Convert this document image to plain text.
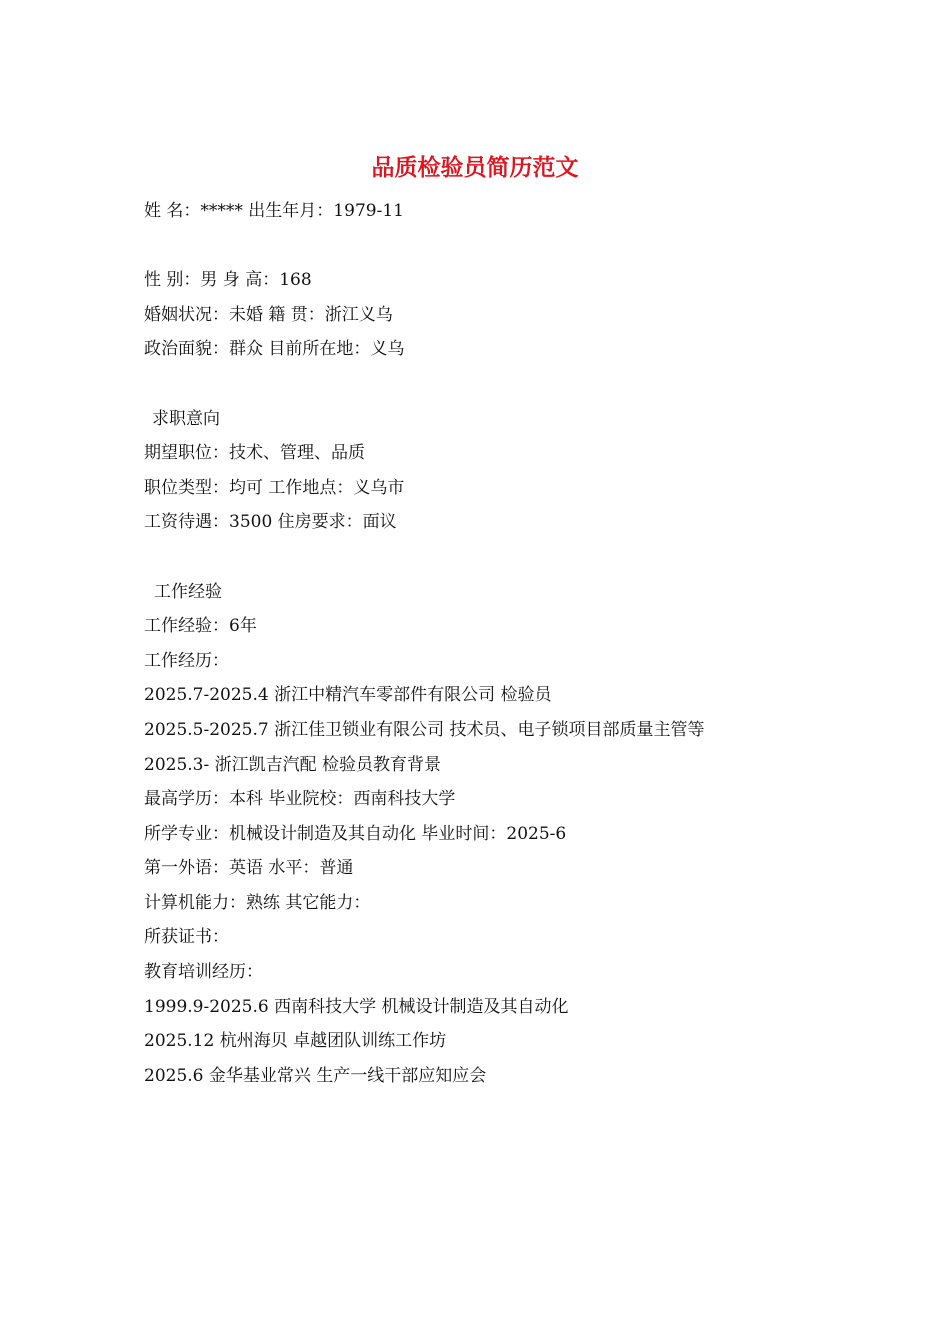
品质检验员简历范文
姓 名：***** 出生年月：1979-11
性 别：男 身 高：168
婚姻状况：未婚 籍 贯：浙江义乌
政治面貌：群众 目前所在地：义乌
求职意向
期望职位：技术、管理、品质
职位类型：均可 工作地点：义乌市
工资待遇：3500 住房要求：面议
工作经验
工作经验：6年
工作经历：
2025.7-2025.4 浙江中精汽车零部件有限公司 检验员
2025.5-2025.7 浙江佳卫锁业有限公司 技术员、电子锁项目部质量主管等
2025.3- 浙江凯吉汽配 检验员教育背景
最高学历：本科 毕业院校：西南科技大学
所学专业：机械设计制造及其自动化 毕业时间：2025-6
第一外语：英语 水平：普通
计算机能力：熟练 其它能力：
所获证书：
教育培训经历：
1999.9-2025.6 西南科技大学 机械设计制造及其自动化
2025.12 杭州海贝 卓越团队训练工作坊
2025.6 金华基业常兴 生产一线干部应知应会
